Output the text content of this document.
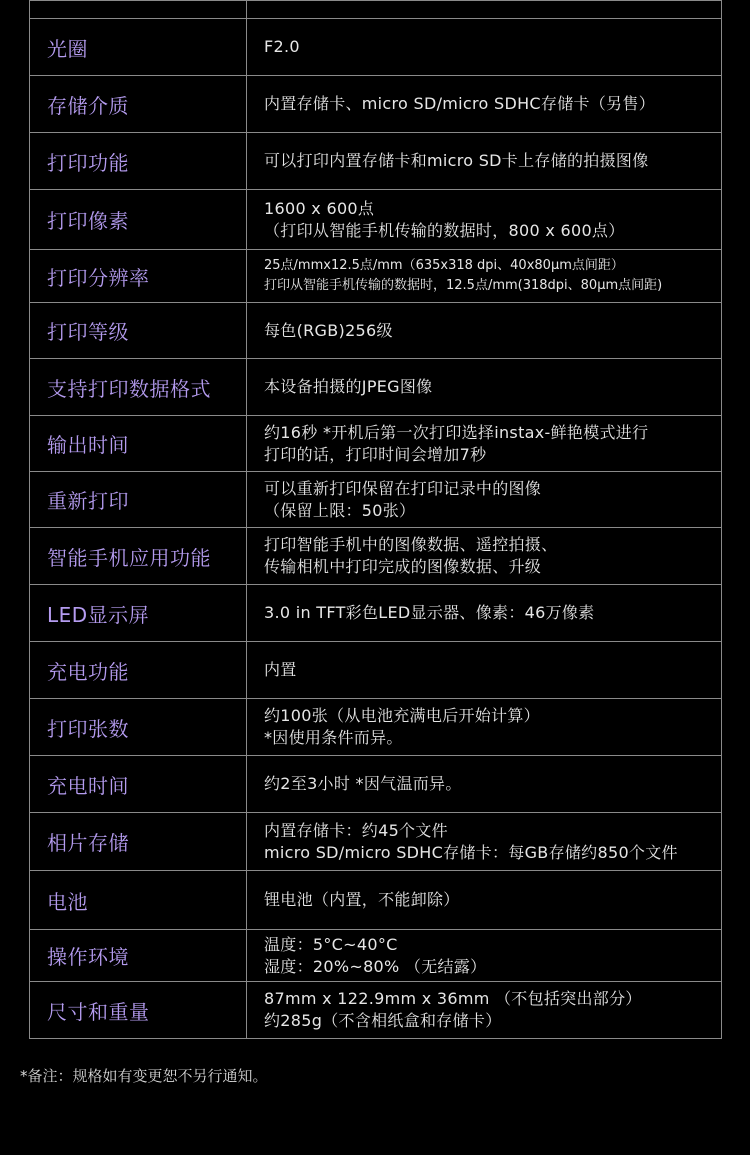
光圈	F2.0

存储介质	内置存储卡、micro SD/micro SDHC存储卡（另售）

打印功能	可以打印内置存储卡和micro SD卡上存储的拍摄图像

打印像素	1600 x 600点
（打印从智能手机传输的数据时，800 x 600点）

打印分辨率	25点/mmx12.5点/mm（635x318 dpi、40x80μm点间距）
打印从智能手机传输的数据时，12.5点/mm(318dpi、80μm点间距)

打印等级	每色(RGB)256级

支持打印数据格式	本设备拍摄的JPEG图像

输出时间	约16秒 *开机后第一次打印选择instax-鲜艳模式进行
打印的话，打印时间会增加7秒

重新打印	可以重新打印保留在打印记录中的图像
（保留上限：50张）

智能手机应用功能	打印智能手机中的图像数据、遥控拍摄、
传输相机中打印完成的图像数据、升级

LED显示屏	3.0 in TFT彩色LED显示器、像素：46万像素

充电功能	内置

打印张数	约100张（从电池充满电后开始计算）
*因使用条件而异。

充电时间	约2至3小时 *因气温而异。

相片存储	内置存储卡：约45个文件
micro SD/micro SDHC存储卡：每GB存储约850个文件

电池	锂电池（内置，不能卸除）

操作环境	温度：5°C~40°C
湿度：20%~80% （无结露）

尺寸和重量	87mm x 122.9mm x 36mm （不包括突出部分）
约285g（不含相纸盒和存储卡）
*备注：规格如有变更恕不另行通知。
